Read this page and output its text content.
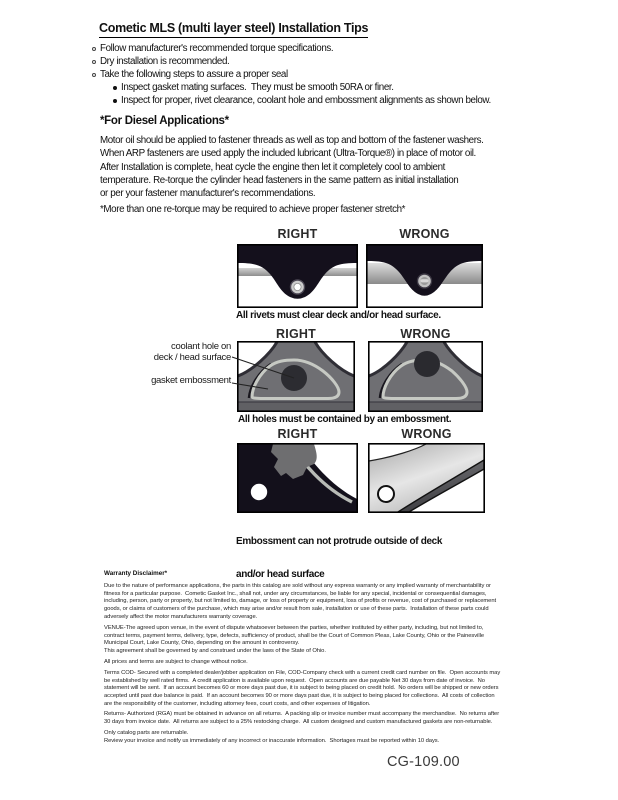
Cometic MLS (multi layer steel) Installation Tips
Follow manufacturer's recommended torque specifications.
Dry installation is recommended.
Take the following steps to assure a proper seal
Inspect gasket mating surfaces.  They must be smooth 50RA or finer.
Inspect for proper, rivet clearance, coolant hole and embossment alignments as shown below.
*For Diesel Applications*
Motor oil should be applied to fastener threads as well as top and bottom of the fastener washers.
When ARP fasteners are used apply the included lubricant (Ultra-Torque®) in place of motor oil.
After Installation is complete, heat cycle the engine then let it completely cool to ambient
temperature. Re-torque the cylinder head fasteners in the same pattern as initial installation
or per your fastener manufacturer's recommendations.
*More than one re-torque may be required to achieve proper fastener stretch*
RIGHT	WRONG
All rivets must clear deck and/or head surface.
RIGHT	WRONG
coolant hole on
deck / head surface
gasket embossment
All holes must be contained by an embossment.
RIGHT	WRONG

Embossment can not protrude outside of deck

and/or head surface

Warranty Disclaimer*
Due to the nature of performance applications, the parts in this catalog are sold without any express warranty or any implied warranty of merchantability or
fitness for a particular purpose.  Cometic Gasket Inc., shall not, under any circumstances, be liable for any special, incidental or consequential damages,
including, person, party or property, but not limited to, damage, or loss of property or equipment, loss of profits or revenue, cost of purchased or replacement
goods, or claims of customers of the purchase, which may arise and/or result from sale, installation or use of these parts.  Installation of these parts could
adversely affect the motor manufacturers warranty coverage.
VENUE-The agreed upon venue, in the event of dispute whatsoever between the parties, whether instituted by either party, including, but not limited to,
contract terms, payment terms, delivery, type, defects, sufficiency of product, shall be the Court of Common Pleas, Lake County, Ohio or the Painesville
Municipal Court, Lake County, Ohio, depending on the amount in controversy.
This agreement shall be governed by and construed under the laws of the State of Ohio.
All prices and terms are subject to change without notice.
Terms COD- Secured with a completed dealer/jobber application on File, COD-Company check with a current credit card number on file.  Open accounts may
be established by well rated firms.  A credit application is available upon request.  Open accounts are due payable Net 30 days from date of invoice.  No
statement will be sent.  If an account becomes 60 or more days past due, it is subject to being placed on credit hold.  No orders will be shipped or new orders
accepted until past due balance is paid.  If an account becomes 90 or more days past due, it is subject to being placed for collections.  All costs of collection
are the responsibility of the customer, including attorney fees, court costs, and other expenses of litigation.
Returns- Authorized (RGA) must be obtained in advance on all returns.  A packing slip or invoice number must accompany the merchandise.  No returns after
30 days from invoice date.  All returns are subject to a 25% restocking charge.  All custom designed and custom manufactured gaskets are non-returnable.
Only catalog parts are returnable.
Review your invoice and notify us immediately of any incorrect or inaccurate information.  Shortages must be reported within 10 days.
CG-109.00
